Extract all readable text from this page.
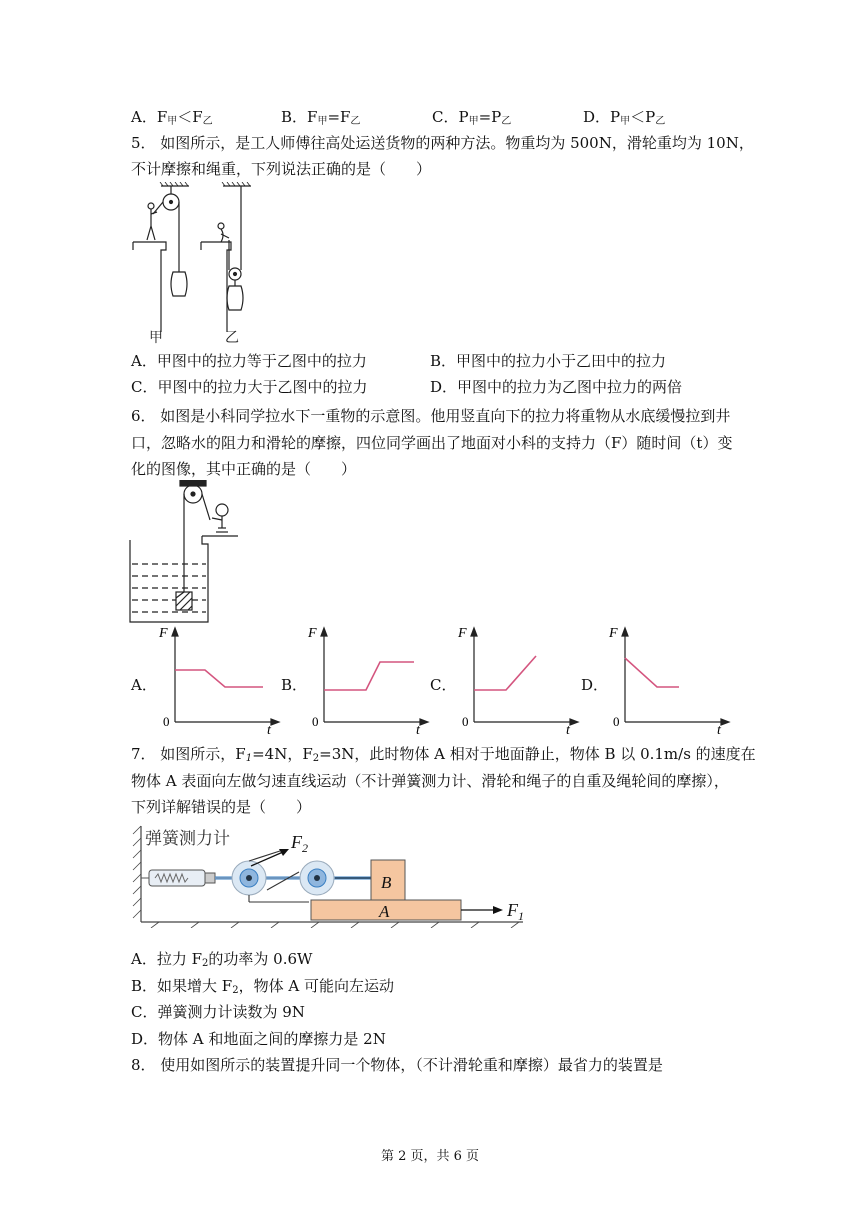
A．$F_甲<F_乙$	B．$F_甲=F_乙$	C．$P_甲=P_乙$	D．$P_甲<P_乙$
5． 如图所示，是工人师傅往高处运送货物的两种方法。物重均为 500N，滑轮重均为 10N，
不计摩擦和绳重，下列说法正确的是（　　）
甲	乙
A．甲图中的拉力等于乙图中的拉力	B．甲图中的拉力小于乙田中的拉力
C．甲图中的拉力大于乙图中的拉力	D．甲图中的拉力为乙图中拉力的两倍
6． 如图是小科同学拉水下一重物的示意图。他用竖直向下的拉力将重物从水底缓慢拉到井
口，忽略水的阻力和滑轮的摩擦，四位同学画出了地面对小科的支持力（F）随时间（t）变
化的图像，其中正确的是（　　）
A．	B．	C．	D．
F
t
0
F
t
0
F
t
0
F
t
0
7． 如图所示，$F_1=4N$，$F_2=3N$，此时物体 A 相对于地面静止，物体 B 以 0.1m/s 的速度在
物体 A 表面向左做匀速直线运动（不计弹簧测力计、滑轮和绳子的自重及绳轮间的摩擦），
下列详解错误的是（　　）
弹簧测力计	$F_2$
B
A	$F_1$
A．拉力 $F_2$的功率为 0.6W
B．如果增大 $F_2$，物体 A 可能向左运动
C．弹簧测力计读数为 9N
D．物体 A 和地面之间的摩擦力是 2N
8． 使用如图所示的装置提升同一个物体，（不计滑轮重和摩擦）最省力的装置是
第 2 页，共 6 页
